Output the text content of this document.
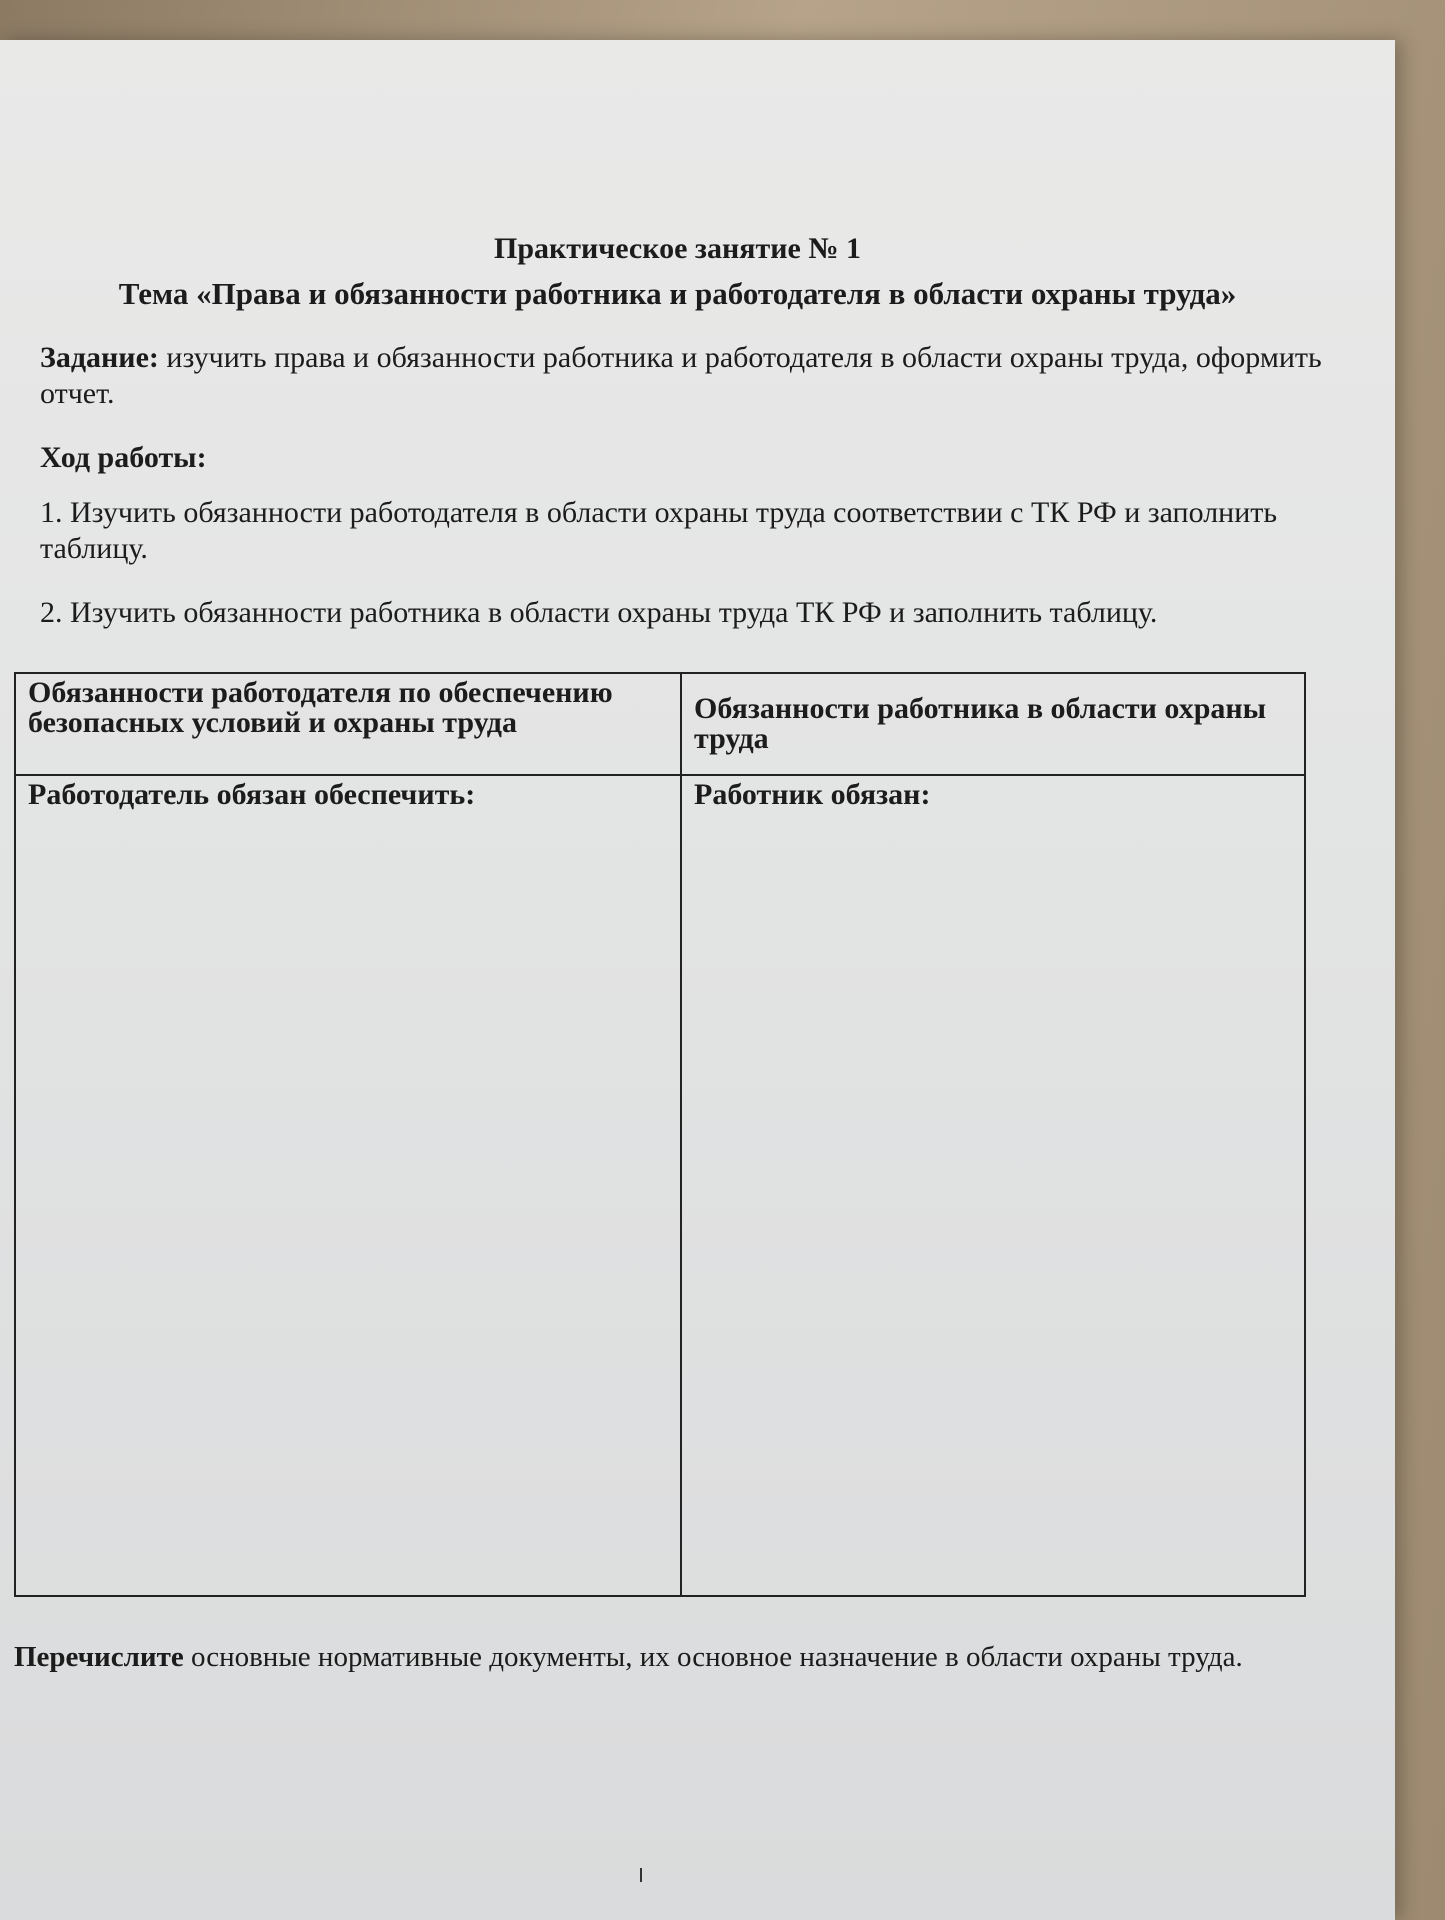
Практическое занятие № 1
Тема «Права и обязанности работника и работодателя в области охраны труда»

Задание: изучить права и обязанности работника и работодателя в области охраны труда, оформить отчет.

Ход работы:

1. Изучить обязанности работодателя в области охраны труда соответствии с ТК РФ и заполнить таблицу.

2. Изучить обязанности работника в области охраны труда ТК РФ и заполнить таблицу.

Обязанности работодателя по обеспечению безопасных условий и охраны труда	Обязанности работника в области охраны труда
Работодатель обязан обеспечить:	Работник обязан:

Перечислите основные нормативные документы, их основное назначение в области охраны труда.
